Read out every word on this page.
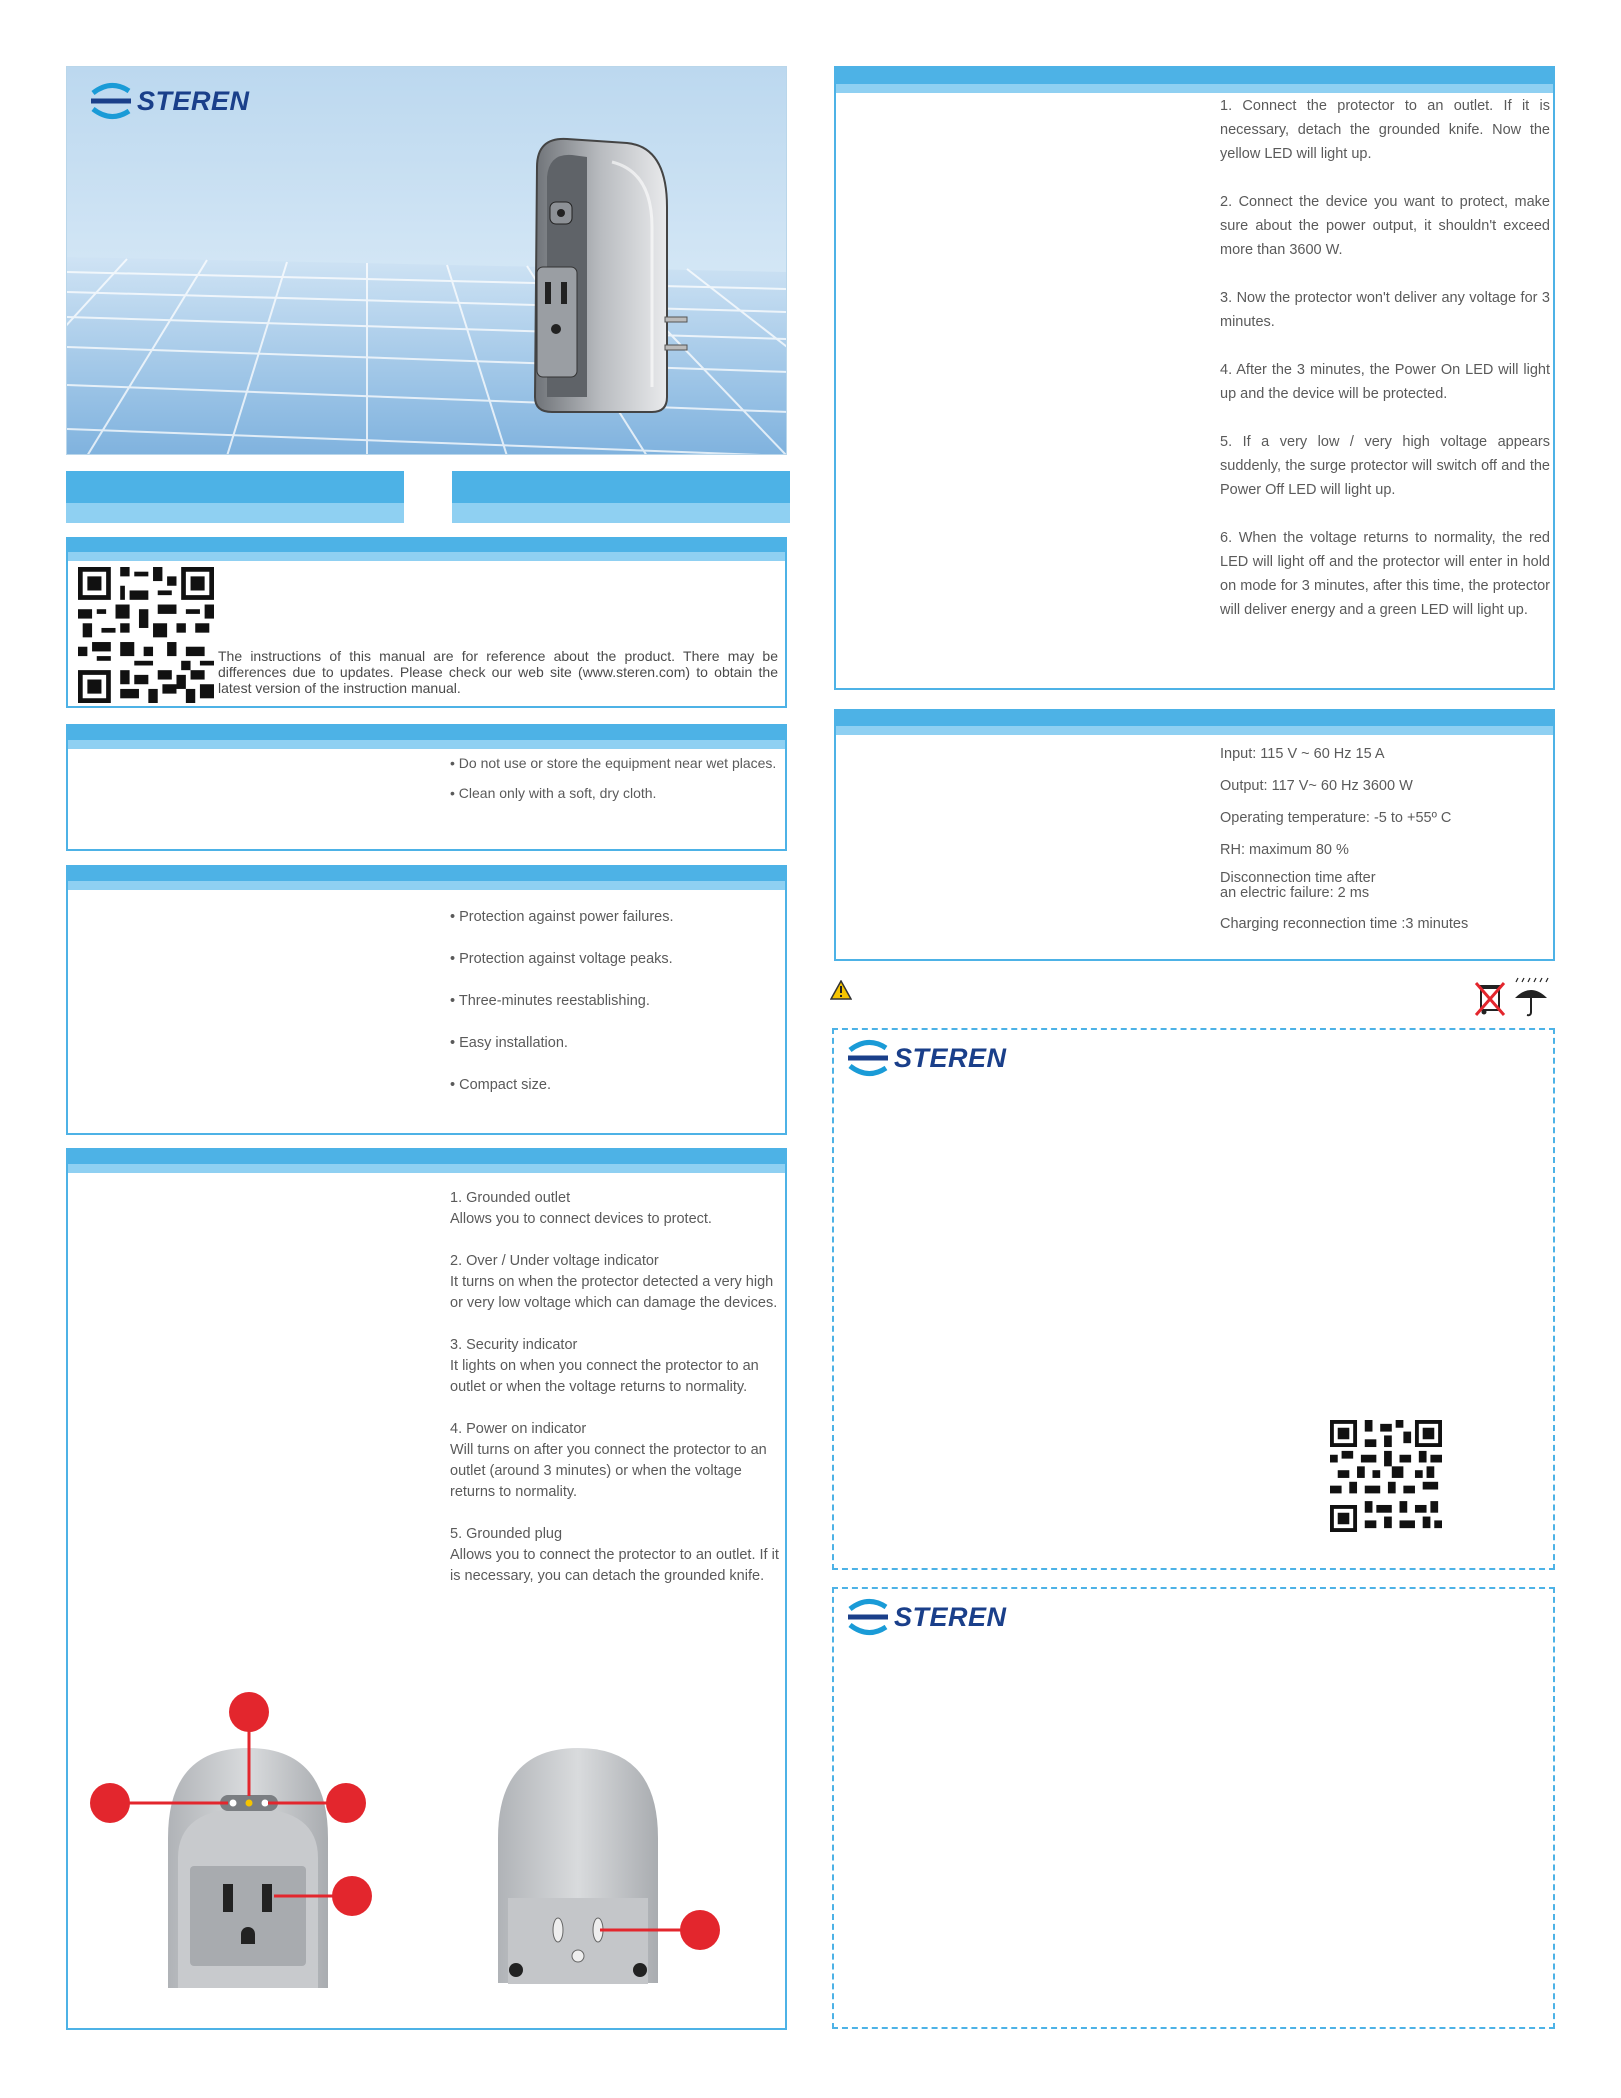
STEREN
The instructions of this manual are for reference about the product. There may be differences due to updates. Please check our web site (www.steren.com) to obtain the latest version of the instruction manual.
• Do not use or store the equipment near wet places.
• Clean only with a soft, dry cloth.
• Protection against power failures.
• Protection against voltage peaks.
• Three-minutes reestablishing.
• Easy installation.
• Compact size.
1. Grounded outlet
Allows you to connect devices to protect.
2. Over / Under voltage indicator
It turns on when the protector detected a very high or very low voltage which can damage the devices.
3. Security indicator
It lights on when you connect the protector to an outlet or when the voltage returns to normality.
4. Power on indicator
Will turns on after you connect the protector to an outlet (around 3 minutes) or when the voltage returns to normality.
5. Grounded plug
Allows you to connect the protector to an outlet. If it is necessary, you can detach the grounded knife.
1. Connect the protector to an outlet. If it is necessary, detach the grounded knife. Now the yellow LED will light up.
2. Connect the device you want to protect, make sure about the power output, it shouldn't exceed more than 3600 W.
3. Now the protector won't deliver any voltage for 3 minutes.
4. After the 3 minutes, the Power On LED will light up and the device will be protected.
5. If a very low / very high voltage appears suddenly, the surge protector will switch off and the Power Off LED will light up.
6. When the voltage returns to normality, the red LED will light off and the protector will enter in hold on mode for 3 minutes, after this time, the protector will deliver energy and a green LED will light up.
Input: 115 V ~ 60 Hz 15 A
Output: 117 V~ 60 Hz 3600 W
Operating temperature: -5 to +55º C
RH: maximum 80 %
Disconnection time after
an electric failure: 2 ms
Charging reconnection time :3 minutes
STEREN
STEREN
